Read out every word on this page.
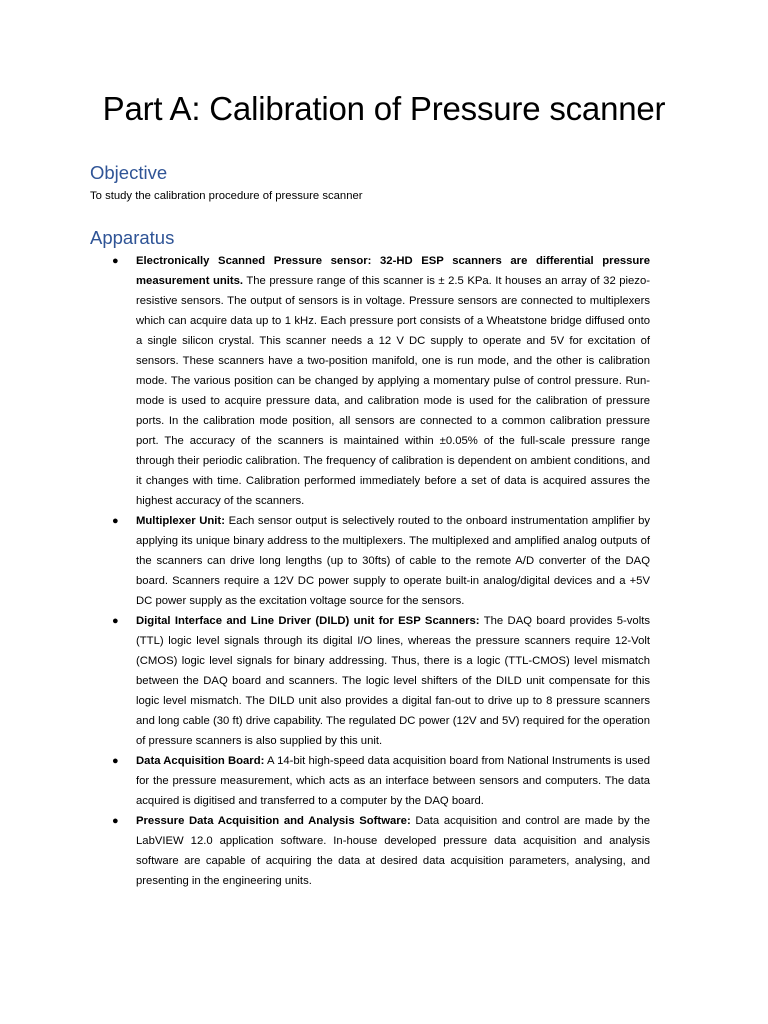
Part A: Calibration of Pressure scanner
Objective

To study the calibration procedure of pressure scanner

Apparatus
● Electronically Scanned Pressure sensor: 32-HD ESP scanners are differential pressure measurement units. The pressure range of this scanner is ± 2.5 KPa. It houses an array of 32 piezo-resistive sensors. The output of sensors is in voltage. Pressure sensors are connected to multiplexers which can acquire data up to 1 kHz. Each pressure port consists of a Wheatstone bridge diffused onto a single silicon crystal. This scanner needs a 12 V DC supply to operate and 5V for excitation of sensors. These scanners have a two-position manifold, one is run mode, and the other is calibration mode. The various position can be changed by applying a momentary pulse of control pressure. Run-mode is used to acquire pressure data, and calibration mode is used for the calibration of pressure ports. In the calibration mode position, all sensors are connected to a common calibration pressure port. The accuracy of the scanners is maintained within ±0.05% of the full-scale pressure range through their periodic calibration. The frequency of calibration is dependent on ambient conditions, and it changes with time. Calibration performed immediately before a set of data is acquired assures the highest accuracy of the scanners.
● Multiplexer Unit: Each sensor output is selectively routed to the onboard instrumentation amplifier by applying its unique binary address to the multiplexers. The multiplexed and amplified analog outputs of the scanners can drive long lengths (up to 30fts) of cable to the remote A/D converter of the DAQ board. Scanners require a 12V DC power supply to operate built-in analog/digital devices and a +5V DC power supply as the excitation voltage source for the sensors.
● Digital Interface and Line Driver (DILD) unit for ESP Scanners: The DAQ board provides 5-volts (TTL) logic level signals through its digital I/O lines, whereas the pressure scanners require 12-Volt (CMOS) logic level signals for binary addressing. Thus, there is a logic (TTL-CMOS) level mismatch between the DAQ board and scanners. The logic level shifters of the DILD unit compensate for this logic level mismatch. The DILD unit also provides a digital fan-out to drive up to 8 pressure scanners and long cable (30 ft) drive capability. The regulated DC power (12V and 5V) required for the operation of pressure scanners is also supplied by this unit.
● Data Acquisition Board: A 14-bit high-speed data acquisition board from National Instruments is used for the pressure measurement, which acts as an interface between sensors and computers. The data acquired is digitised and transferred to a computer by the DAQ board.
● Pressure Data Acquisition and Analysis Software: Data acquisition and control are made by the LabVIEW 12.0 application software. In-house developed pressure data acquisition and analysis software are capable of acquiring the data at desired data acquisition parameters, analysing, and presenting in the engineering units.
